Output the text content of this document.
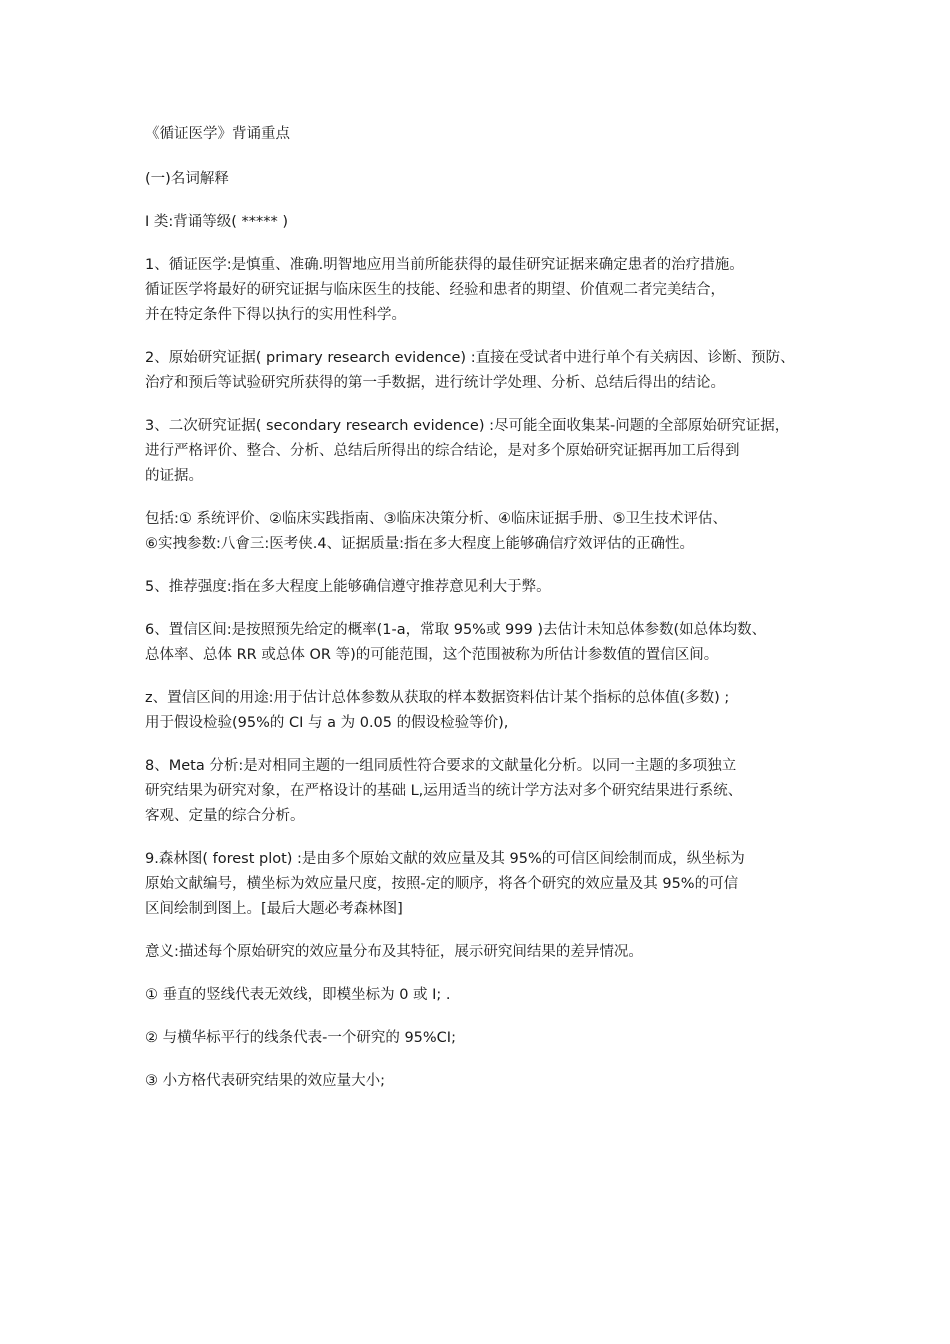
《循证医学》背诵重点

(一)名词解释

I 类:背诵等级( ***** )

1、循证医学:是慎重、准确.明智地应用当前所能获得的最佳研究证据来确定患者的治疗措施。
循证医学将最好的研究证据与临床医生的技能、经验和患者的期望、价值观二者完美结合，
并在特定条件下得以执行的实用性科学。

2、原始研究证据( primary research evidence) :直接在受试者中进行单个有关病因、诊断、预防、
治疗和预后等试验研究所获得的第一手数据，进行统计学处理、分析、总结后得出的结论。

3、二次研究证据( secondary research evidence) :尽可能全面收集某-问题的全部原始研究证据，
进行严格评价、整合、分析、总结后所得出的综合结论，是对多个原始研究证据再加工后得到
的证据。

包括:① 系统评价、②临床实践指南、③临床决策分析、④临床证据手册、⑤卫生技术评估、
⑥实拽参数:八會三:医考侠.4、证据质量:指在多大程度上能够确信疗效评估的正确性。

5、推荐强度:指在多大程度上能够确信遵守推荐意见利大于弊。

6、置信区间:是按照预先给定的概率(1-a，常取 95%或 999 )去估计未知总体参数(如总体均数、
总体率、总体 RR 或总体 OR 等)的可能范围，这个范围被称为所估计参数值的置信区间。

z、置信区间的用途:用于估计总体参数从获取的样本数据资料估计某个指标的总体值(多数) ;
用于假设检验(95%的 CI 与 a 为 0.05 的假设检验等价),

8、Meta 分析:是对相同主题的一组同质性符合要求的文献量化分析。以同一主题的多项独立
研究结果为研究对象，在严格设计的基础 L,运用适当的统计学方法对多个研究结果进行系统、
客观、定量的综合分析。

9.森林图( forest plot) :是由多个原始文献的效应量及其 95%的可信区间绘制而成，纵坐标为
原始文献编号，横坐标为效应量尺度，按照-定的顺序，将各个研究的效应量及其 95%的可信
区间绘制到图上。[最后大题必考森林图]

意义:描述每个原始研究的效应量分布及其特征，展示研究间结果的差异情况。

① 垂直的竖线代表无效线，即模坐标为 0 或 I; .

② 与横华标平行的线条代表-一个研究的 95%CI;

③ 小方格代表研究结果的效应量大小;
